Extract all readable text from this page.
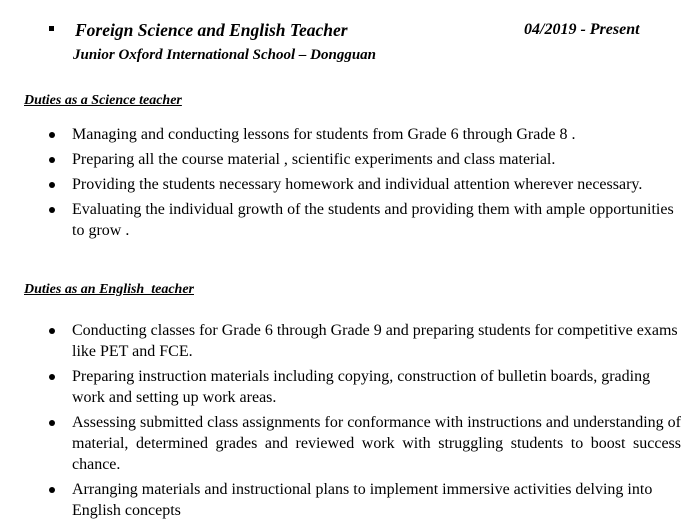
Foreign Science and English Teacher	04/2019 - Present
Junior Oxford International School – Dongguan
Duties as a Science teacher
Managing and conducting lessons for students from Grade 6 through Grade 8 .
Preparing all the course material , scientific experiments and class material.
Providing the students necessary homework and individual attention wherever necessary.
Evaluating the individual growth of the students and providing them with ample opportunities to grow .
Duties as an English  teacher
Conducting classes for Grade 6 through Grade 9 and preparing students for competitive exams like PET and FCE.
Preparing instruction materials including copying, construction of bulletin boards, grading work and setting up work areas.
Assessing submitted class assignments for conformance with instructions and understanding of material, determined grades and reviewed work with struggling students to boost success chance.
Arranging materials and instructional plans to implement immersive activities delving into English concepts
